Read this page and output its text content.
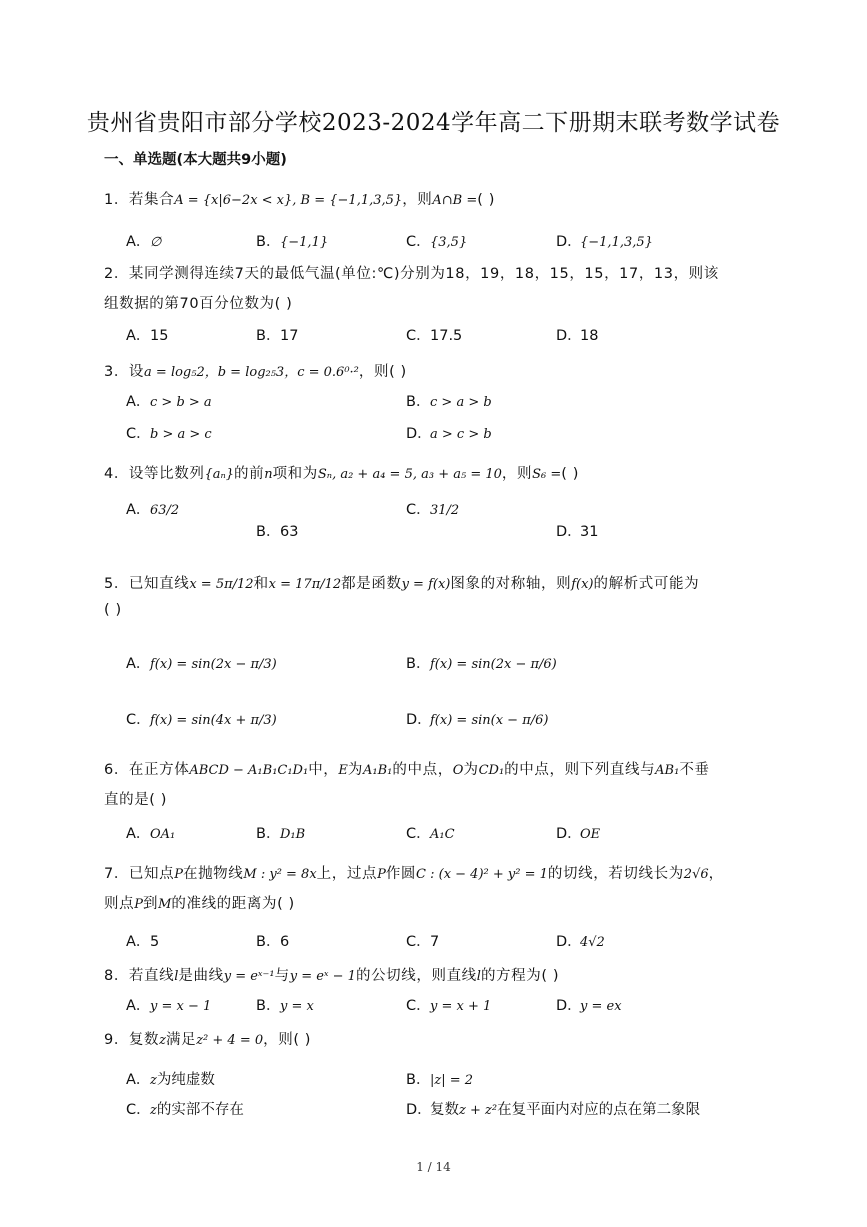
贵州省贵阳市部分学校2023-2024学年高二下册期末联考数学试卷
一、单选题(本大题共9小题)
1．若集合A = {x|6−2x < x}, B = {−1,1,3,5}，则A∩B =( )
A．∅	B．{−1,1}	C．{3,5}	D．{−1,1,3,5}
2．某同学测得连续7天的最低气温(单位:℃)分别为18，19，18，15，15，17，13，则该
组数据的第70百分位数为( )
A．15	B．17	C．17.5	D．18
3．设a = log₅2，b = log₂₅3，c = 0.6⁰·²，则( )
A．c > b > a	B．c > a > b
C．b > a > c	D．a > c > b
4．设等比数列{aₙ}的前n项和为Sₙ, a₂ + a₄ = 5, a₃ + a₅ = 10，则S₆ =( )
A．63/2
B．63
C．31/2
D．31
5．已知直线x = 5π/12和x = 17π/12都是函数y = f(x)图象的对称轴，则f(x)的解析式可能为
( )
A．f(x) = sin(2x − π/3)	B．f(x) = sin(2x − π/6)
C．f(x) = sin(4x + π/3)	D．f(x) = sin(x − π/6)
6．在正方体ABCD − A₁B₁C₁D₁中，E为A₁B₁的中点，O为CD₁的中点，则下列直线与AB₁不垂
直的是( )
A．OA₁	B．D₁B	C．A₁C	D．OE
7．已知点P在抛物线M : y² = 8x上，过点P作圆C : (x − 4)² + y² = 1的切线，若切线长为2√6，
则点P到M的准线的距离为( )
A．5	B．6	C．7	D．4√2
8．若直线l是曲线y = eˣ⁻¹与y = eˣ − 1的公切线，则直线l的方程为( )
A．y = x − 1	B．y = x	C．y = x + 1	D．y = ex
9．复数z满足z² + 4 = 0，则( )
A．z为纯虚数	B．|z| = 2
C．z的实部不存在	D．复数z + z²在复平面内对应的点在第二象限
1 / 14
